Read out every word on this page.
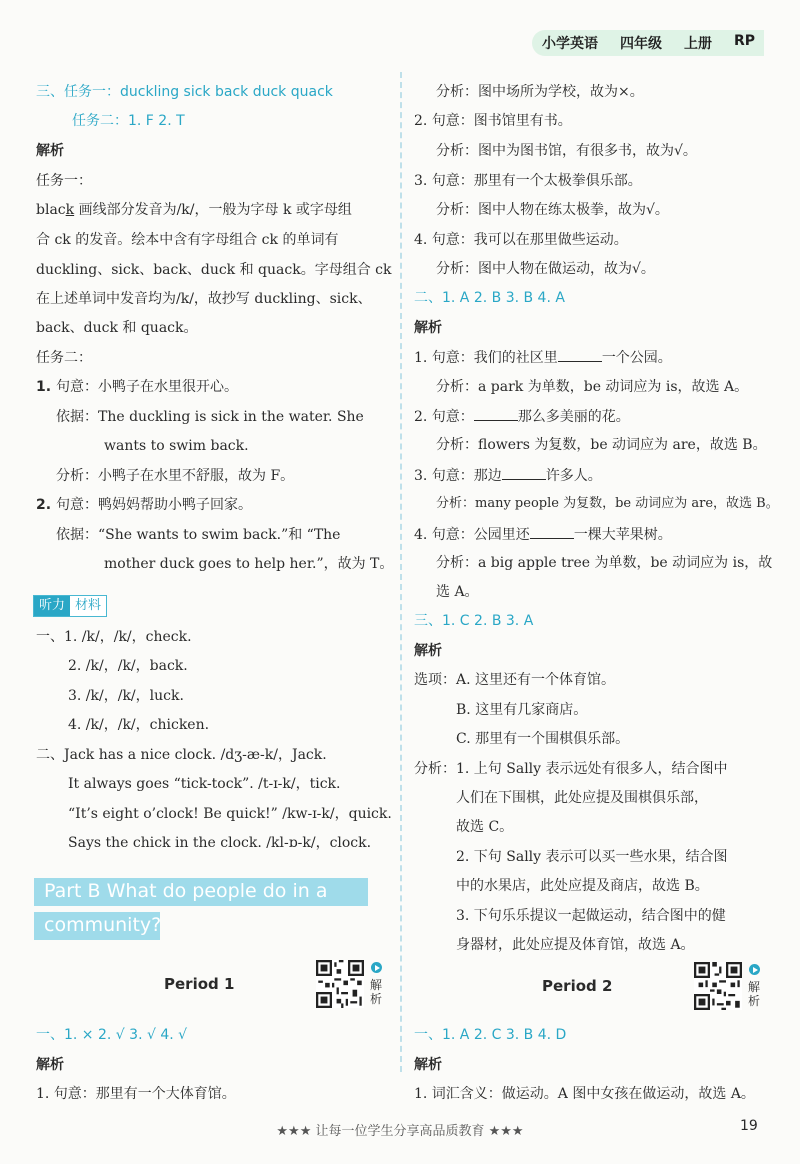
小学英语 四年级 上册 RP
三、任务一：duckling sick back duck quack
任务二：1. F 2. T
解析
任务一：
black 画线部分发音为/k/，一般为字母 k 或字母组
合 ck 的发音。绘本中含有字母组合 ck 的单词有
duckling、sick、back、duck 和 quack。字母组合 ck
在上述单词中发音均为/k/，故抄写 duckling、sick、
back、duck 和 quack。
任务二：
1. 句意：小鸭子在水里很开心。
依据：The duckling is sick in the water. She
wants to swim back.
分析：小鸭子在水里不舒服，故为 F。
2. 句意：鸭妈妈帮助小鸭子回家。
依据：“She wants to swim back.”和 “The
mother duck goes to help her.”，故为 T。
听力 材料
一、1. /k/，/k/，check.
2. /k/，/k/，back.
3. /k/，/k/，luck.
4. /k/，/k/，chicken.
二、Jack has a nice clock. /dʒ-æ-k/，Jack.
It always goes “tick-tock”. /t-ɪ-k/，tick.
“It’s eight o’clock! Be quick!” /kw-ɪ-k/，quick.
Says the chick in the clock. /kl-ɒ-k/，clock.
Part B What do people do in a
community?
Period 1	解析
一、1. × 2. √ 3. √ 4. √
解析
1. 句意：那里有一个大体育馆。
分析：图中场所为学校，故为×。
2. 句意：图书馆里有书。
分析：图中为图书馆，有很多书，故为√。
3. 句意：那里有一个太极拳俱乐部。
分析：图中人物在练太极拳，故为√。
4. 句意：我可以在那里做些运动。
分析：图中人物在做运动，故为√。
二、1. A 2. B 3. B 4. A
解析
1. 句意：我们的社区里	一个公园。
分析：a park 为单数，be 动词应为 is，故选 A。
2. 句意：	那么多美丽的花。
分析：flowers 为复数，be 动词应为 are，故选 B。
3. 句意：那边	许多人。
分析：many people 为复数，be 动词应为 are，故选 B。
4. 句意：公园里还	一棵大苹果树。
分析：a big apple tree 为单数，be 动词应为 is，故
选 A。
三、1. C 2. B 3. A
解析
选项：A. 这里还有一个体育馆。
B. 这里有几家商店。
C. 那里有一个围棋俱乐部。
分析：1. 上句 Sally 表示远处有很多人，结合图中
人们在下围棋，此处应提及围棋俱乐部，
故选 C。
2. 下句 Sally 表示可以买一些水果，结合图
中的水果店，此处应提及商店，故选 B。
3. 下句乐乐提议一起做运动，结合图中的健
身器材，此处应提及体育馆，故选 A。
Period 2	解析
一、1. A 2. C 3. B 4. D
解析
1. 词汇含义：做运动。A 图中女孩在做运动，故选 A。
★★★ 让每一位学生分享高品质教育 ★★★	19
